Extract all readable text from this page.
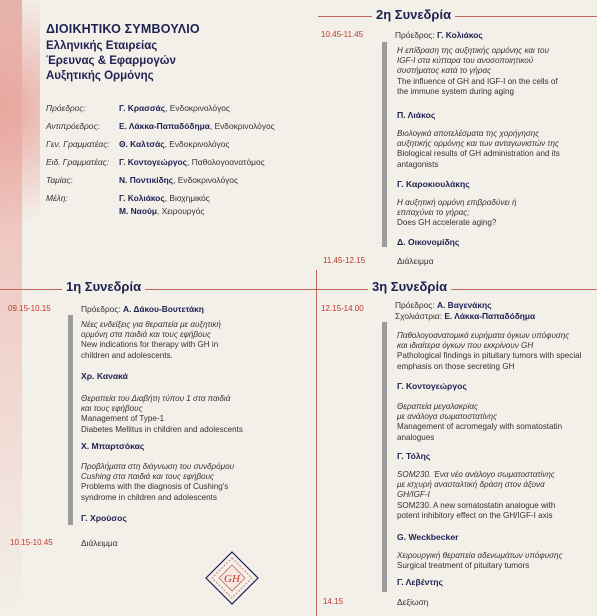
ΔΙΟΙΚΗΤΙΚΟ ΣΥΜΒΟΥΛΙΟ
Ελληνικής Εταιρείας
Έρευνας & Εφαρμογών
Αυξητικής Ορμόνης
Πρόεδρος:	Γ. Κρασσάς, Ενδοκρινολόγος
Αντιπρόεδρος: Ε. Λάκκα-Παπαδόδημα, Ενδοκρινολόγος
Γεν. Γραμματέας: Θ. Καλτσάς, Ενδοκρινολόγος
Ειδ. Γραμματέας: Γ. Κοντογεώργος, Παθολογοανατόμος
Ταμίας:	Ν. Ποντικίδης, Ενδοκρινολόγος
Μέλη:	Γ. Κολιάκος, Βιοχημικός
Μ. Ναούμ, Χειρουργός
2η Συνεδρία
10.45-11.45	Πρόεδρος: Γ. Κολιάκος
Η επίδραση της αυξητικής ορμόνης και του
IGF-I στα κύτταρα του ανοσοποιητικού
συστήματος κατά το γήρας
The influence of GH and IGF-I on the cells of
the immune system during aging
Π. Λιάκος
Βιολογικά αποτελέσματα της χορήγησης
αυξητικής ορμόνης και των ανταγωνιστών της
Biological results of GH administration and its
antagonists
Γ. Καροκιουλάκης
Η αυξητική ορμόνη επιβραδύνει ή
επιταχύνει το γήρας;
Does GH accelerate aging?
Δ. Οικονομίδης
11.45-12.15	Διάλειμμα
1η Συνεδρία
09.15-10.15	Πρόεδρος: Α. Δάκου-Βουτετάκη
Νέες ενδείξεις για θεραπεία με αυξητική
ορμόνη στα παιδιά και τους εφήβους
New indications for therapy with GH in
children and adolescents.
Χρ. Κανακά
Θεραπεία του Διαβήτη τύπου 1 στα παιδιά
και τους εφήβους
Management of Type-1
Diabetes Mellitus in children and adolescents
Χ. Μπαρτσόκας
Προβλήματα στη διάγνωση του συνδρόμου
Cushing στα παιδιά και τους εφήβους
Problems with the diagnosis of Cushing's
syndrome in children and adolescents
Γ. Χρούσος
10.15-10.45	Διάλειμμα
3η Συνεδρία
12.15-14.00	Πρόεδρος: Α. Βαγενάκης
Σχολιάστρια: Ε. Λάκκα-Παπαδόδημα
Παθολογοανατομικά ευρήματα όγκων υπόφυσης
και ιδιαίτερα όγκων που εκκρίνουν GH
Pathological findings in pituitary tumors with special
emphasis on those secreting GH
Γ. Κοντογεώργος
Θεραπεία μεγαλακρίας
με ανάλογα σωματοστατίνης
Management of acromegaly with somatostatin
analogues
Γ. Τόλης
SOM230. Ένα νέο ανάλογο σωματοστατίνης
με ισχυρή ανασταλτική δράση στον άξονα
GH/IGF-I
SOM230. A new somatostatin analogue with
potent inhibitory effect on the GH/IGF-I axis
G. Weckbecker
Χειρουργική θεραπεία αδενωμάτων υπόφυσης
Surgical treatment of pituitary tumors
Γ. Λεβέντης
14.15	Δεξίωση
GH
